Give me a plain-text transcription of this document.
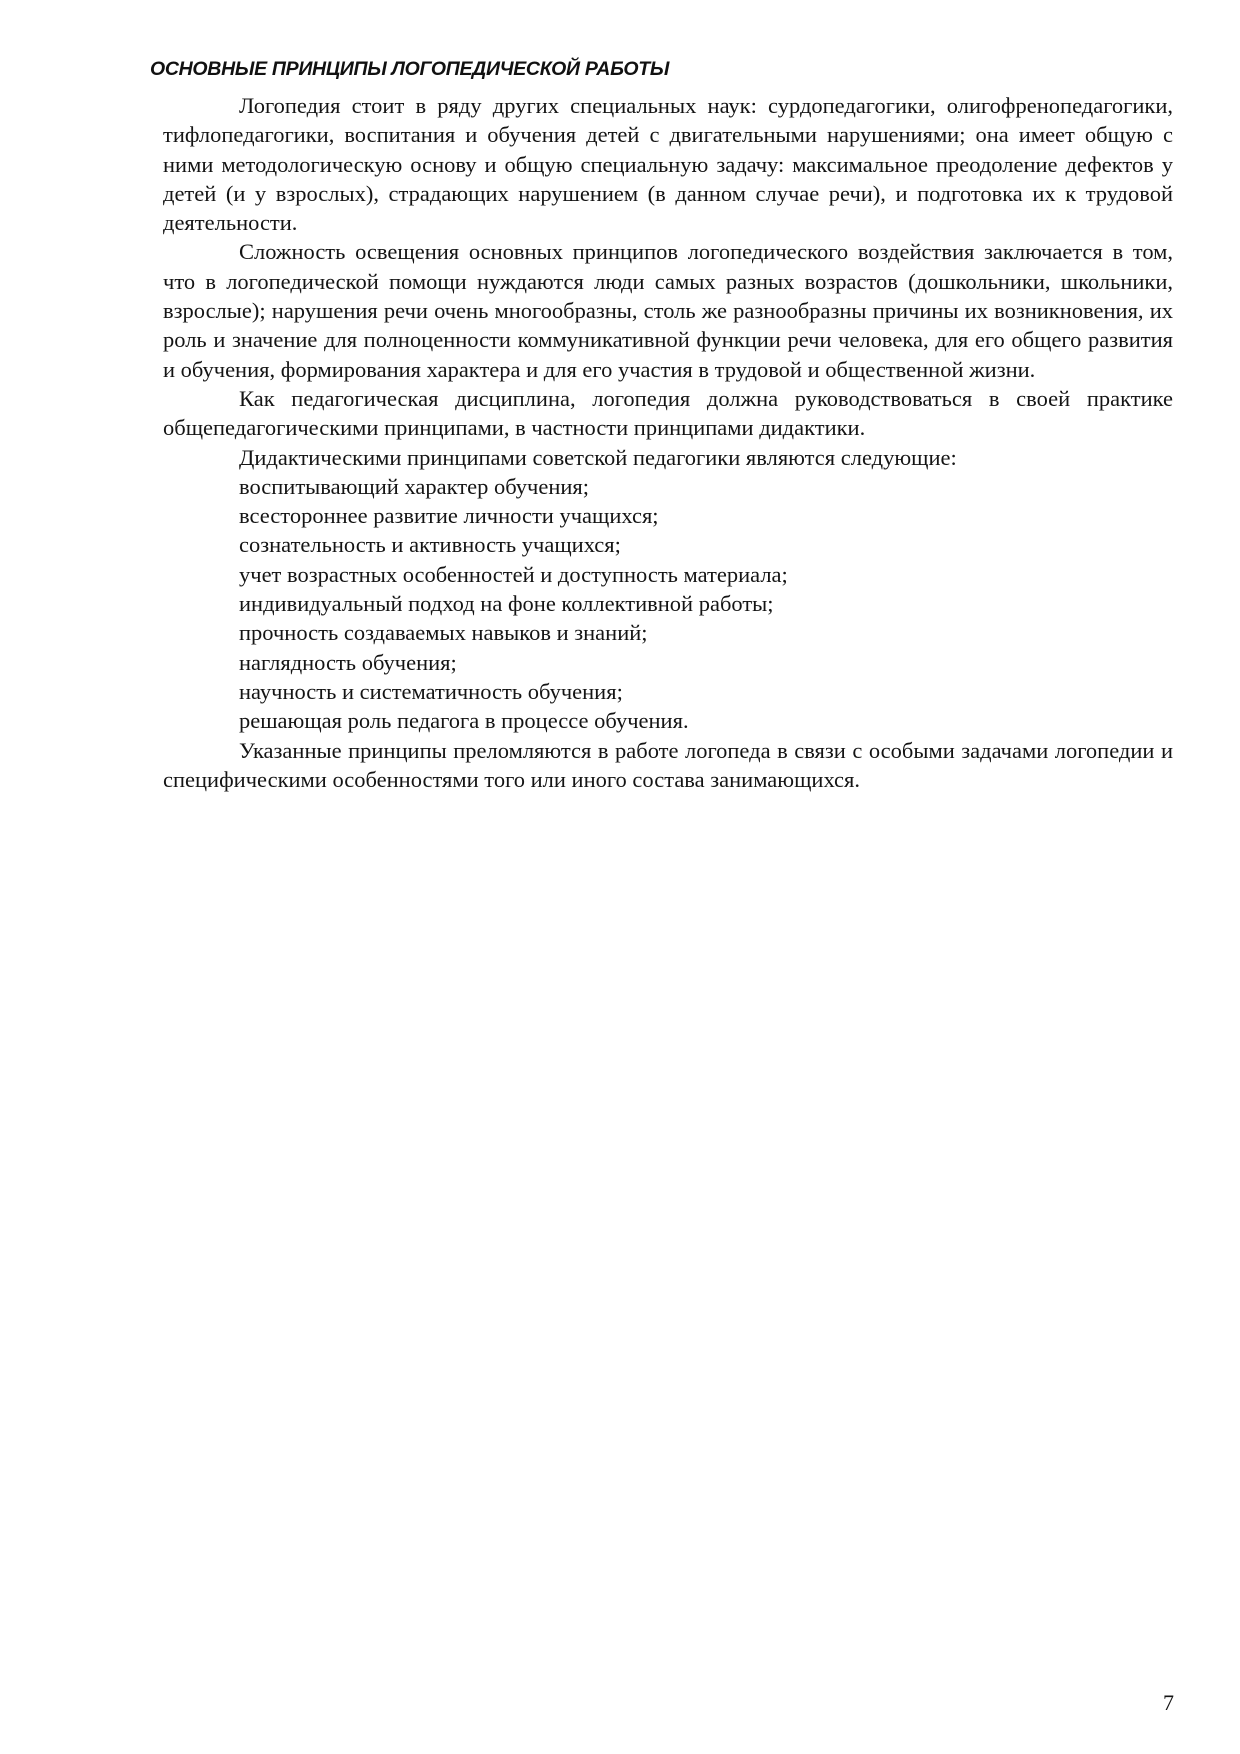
ОСНОВНЫЕ ПРИНЦИПЫ ЛОГОПЕДИЧЕСКОЙ РАБОТЫ

Логопедия стоит в ряду других специальных наук: сурдопедагогики, олигофренопедагогики, тифлопедагогики, воспитания и обучения детей с двигательными нарушениями; она имеет общую с ними методологическую основу и общую специальную задачу: максимальное преодоление дефектов у детей (и у взрослых), страдающих нарушением (в данном случае речи), и подготовка их к трудовой деятельности.

Сложность освещения основных принципов логопедического воздействия заключается в том, что в логопедической помощи нуждаются люди самых разных возрастов (дошкольники, школьники, взрослые); нарушения речи очень многообразны, столь же разнообразны причины их возникновения, их роль и значение для полноценности коммуникативной функции речи человека, для его общего развития и обучения, формирования характера и для его участия в трудовой и общественной жизни.

Как педагогическая дисциплина, логопедия должна руководствоваться в своей практике общепедагогическими принципами, в частности принципами дидактики.

Дидактическими принципами советской педагогики являются следующие:

воспитывающий характер обучения;
всестороннее развитие личности учащихся;
сознательность и активность учащихся;
учет возрастных особенностей и доступность материала;
индивидуальный подход на фоне коллективной работы;
прочность создаваемых навыков и знаний;
наглядность обучения;
научность и систематичность обучения;
решающая роль педагога в процессе обучения.

Указанные принципы преломляются в работе логопеда в связи с особыми задачами логопедии и специфическими особенностями того или иного состава занимающихся.

7
